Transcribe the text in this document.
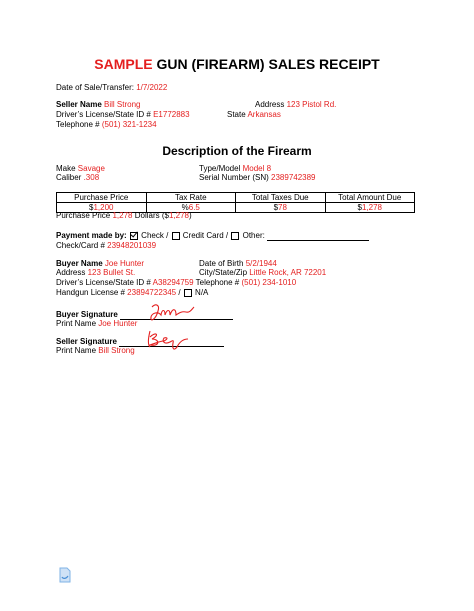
SAMPLE GUN (FIREARM) SALES RECEIPT
Date of Sale/Transfer: 1/7/2022
Seller Name Bill Strong	Address 123 Pistol Rd.
Driver’s License/State ID # E1772883	State Arkansas
Telephone # (501) 321-1234
Description of the Firearm
Make Savage	Type/Model Model 8
Caliber .308	Serial Number (SN) 2389742389
Purchase Price	Tax Rate	Total Taxes Due	Total Amount Due
$1,200	%6.5	$78	$1,278
Purchase Price 1,278 Dollars ($1,278)
Payment made by: Check / Credit Card / Other:
Check/Card # 23948201039
Buyer Name Joe Hunter	Date of Birth 5/2/1944
Address 123 Bullet St.	City/State/Zip Little Rock, AR 72201
Driver’s License/State ID # A38294759 Telephone # (501) 234-1010
Handgun License # 23894722345 / N/A
Buyer Signature
Print Name Joe Hunter
Seller Signature
Print Name Bill Strong
